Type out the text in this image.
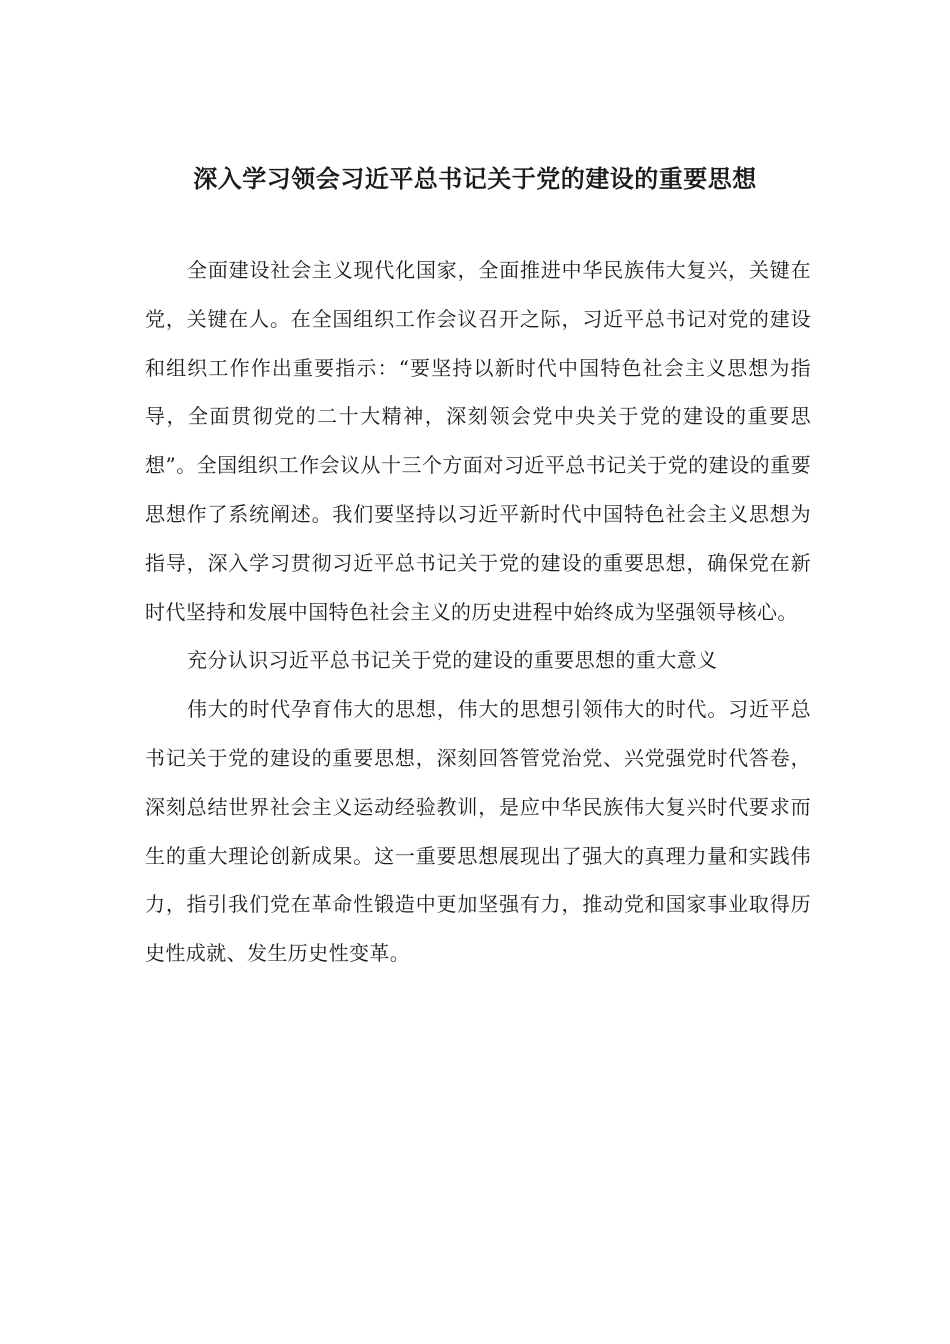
深入学习领会习近平总书记关于党的建设的重要思想

全面建设社会主义现代化国家，全面推进中华民族伟大复兴，关键在党，关键在人。在全国组织工作会议召开之际，习近平总书记对党的建设和组织工作作出重要指示：“要坚持以新时代中国特色社会主义思想为指导，全面贯彻党的二十大精神，深刻领会党中央关于党的建设的重要思想”。全国组织工作会议从十三个方面对习近平总书记关于党的建设的重要思想作了系统阐述。我们要坚持以习近平新时代中国特色社会主义思想为指导，深入学习贯彻习近平总书记关于党的建设的重要思想，确保党在新时代坚持和发展中国特色社会主义的历史进程中始终成为坚强领导核心。

充分认识习近平总书记关于党的建设的重要思想的重大意义

伟大的时代孕育伟大的思想，伟大的思想引领伟大的时代。习近平总书记关于党的建设的重要思想，深刻回答管党治党、兴党强党时代答卷，深刻总结世界社会主义运动经验教训，是应中华民族伟大复兴时代要求而生的重大理论创新成果。这一重要思想展现出了强大的真理力量和实践伟力，指引我们党在革命性锻造中更加坚强有力，推动党和国家事业取得历史性成就、发生历史性变革。
